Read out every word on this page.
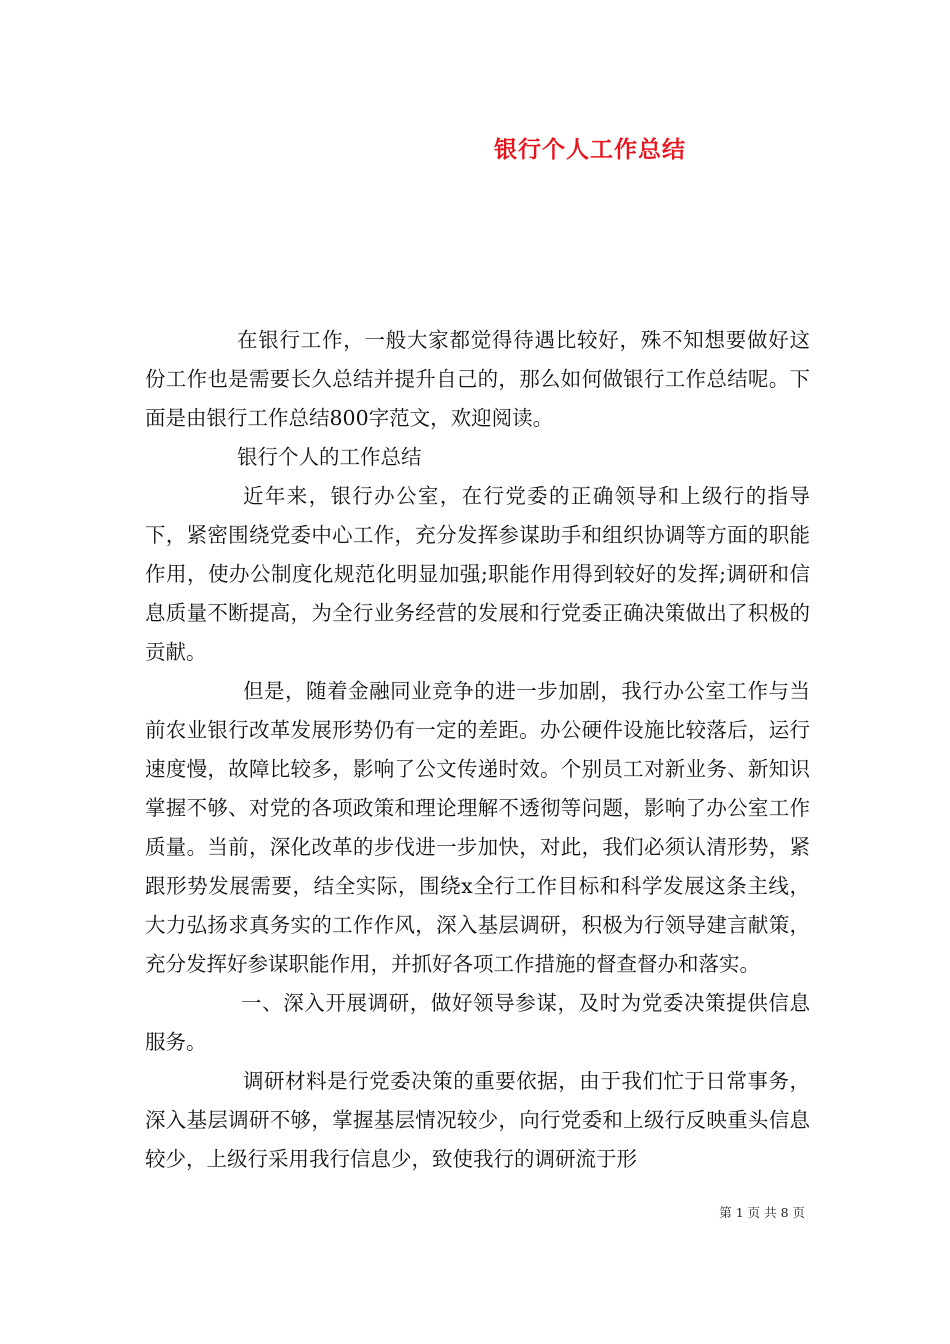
银行个人工作总结

在银行工作，一般大家都觉得待遇比较好，殊不知想要做好这份工作也是需要长久总结并提升自己的，那么如何做银行工作总结呢。下面是由银行工作总结800字范文，欢迎阅读。

银行个人的工作总结

近年来，银行办公室，在行党委的正确领导和上级行的指导下，紧密围绕党委中心工作，充分发挥参谋助手和组织协调等方面的职能作用，使办公制度化规范化明显加强;职能作用得到较好的发挥;调研和信息质量不断提高，为全行业务经营的发展和行党委正确决策做出了积极的贡献。

但是，随着金融同业竞争的进一步加剧，我行办公室工作与当前农业银行改革发展形势仍有一定的差距。办公硬件设施比较落后，运行速度慢，故障比较多，影响了公文传递时效。个别员工对新业务、新知识掌握不够、对党的各项政策和理论理解不透彻等问题，影响了办公室工作质量。当前，深化改革的步伐进一步加快，对此，我们必须认清形势，紧跟形势发展需要，结全实际，围绕x全行工作目标和科学发展这条主线，大力弘扬求真务实的工作作风，深入基层调研，积极为行领导建言献策，充分发挥好参谋职能作用，并抓好各项工作措施的督查督办和落实。

一、深入开展调研，做好领导参谋，及时为党委决策提供信息服务。

调研材料是行党委决策的重要依据，由于我们忙于日常事务，深入基层调研不够，掌握基层情况较少，向行党委和上级行反映重头信息较少，上级行采用我行信息少，致使我行的调研流于形

第 1 页 共 8 页
